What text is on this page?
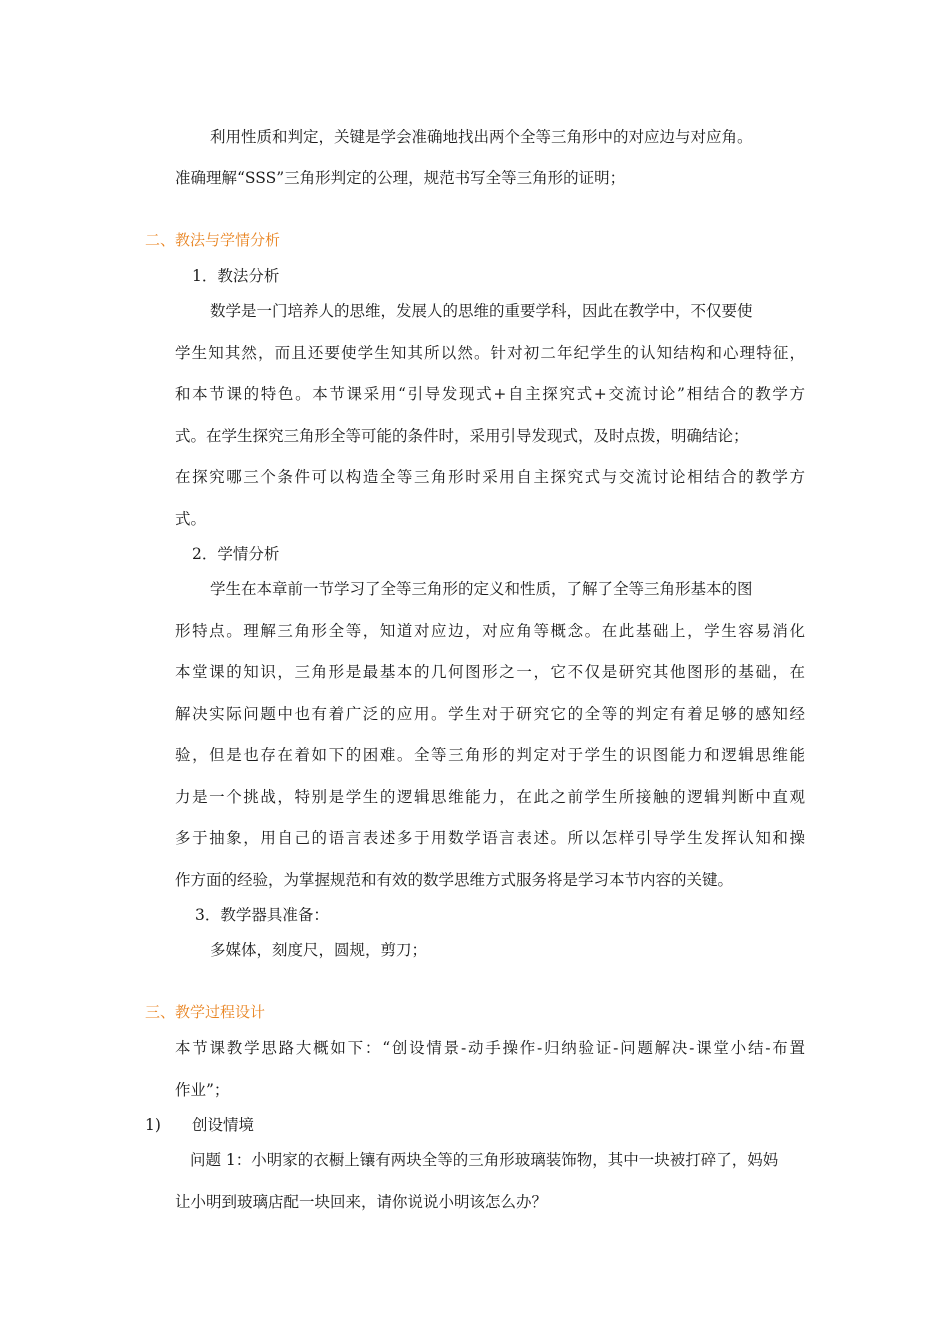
利用性质和判定，关键是学会准确地找出两个全等三角形中的对应边与对应角。
准确理解“SSS”三角形判定的公理，规范书写全等三角形的证明；
二、教法与学情分析
1．教法分析
数学是一门培养人的思维，发展人的思维的重要学科，因此在教学中，不仅要使
学生知其然，而且还要使学生知其所以然。针对初二年纪学生的认知结构和心理特征，
和本节课的特色。本节课采用“引导发现式+自主探究式+交流讨论”相结合的教学方
式。在学生探究三角形全等可能的条件时，采用引导发现式，及时点拨，明确结论；
在探究哪三个条件可以构造全等三角形时采用自主探究式与交流讨论相结合的教学方
式。
2．学情分析
学生在本章前一节学习了全等三角形的定义和性质，了解了全等三角形基本的图
形特点。理解三角形全等，知道对应边，对应角等概念。在此基础上，学生容易消化
本堂课的知识，三角形是最基本的几何图形之一，它不仅是研究其他图形的基础，在
解决实际问题中也有着广泛的应用。学生对于研究它的全等的判定有着足够的感知经
验，但是也存在着如下的困难。全等三角形的判定对于学生的识图能力和逻辑思维能
力是一个挑战，特别是学生的逻辑思维能力，在此之前学生所接触的逻辑判断中直观
多于抽象，用自己的语言表述多于用数学语言表述。所以怎样引导学生发挥认知和操
作方面的经验，为掌握规范和有效的数学思维方式服务将是学习本节内容的关键。
3．教学器具准备：
多媒体，刻度尺，圆规，剪刀；
三、教学过程设计
本节课教学思路大概如下：“创设情景-动手操作-归纳验证-问题解决-课堂小结-布置
作业”；
1) 创设情境
问题 1：小明家的衣橱上镶有两块全等的三角形玻璃装饰物，其中一块被打碎了，妈妈
让小明到玻璃店配一块回来，请你说说小明该怎么办？
